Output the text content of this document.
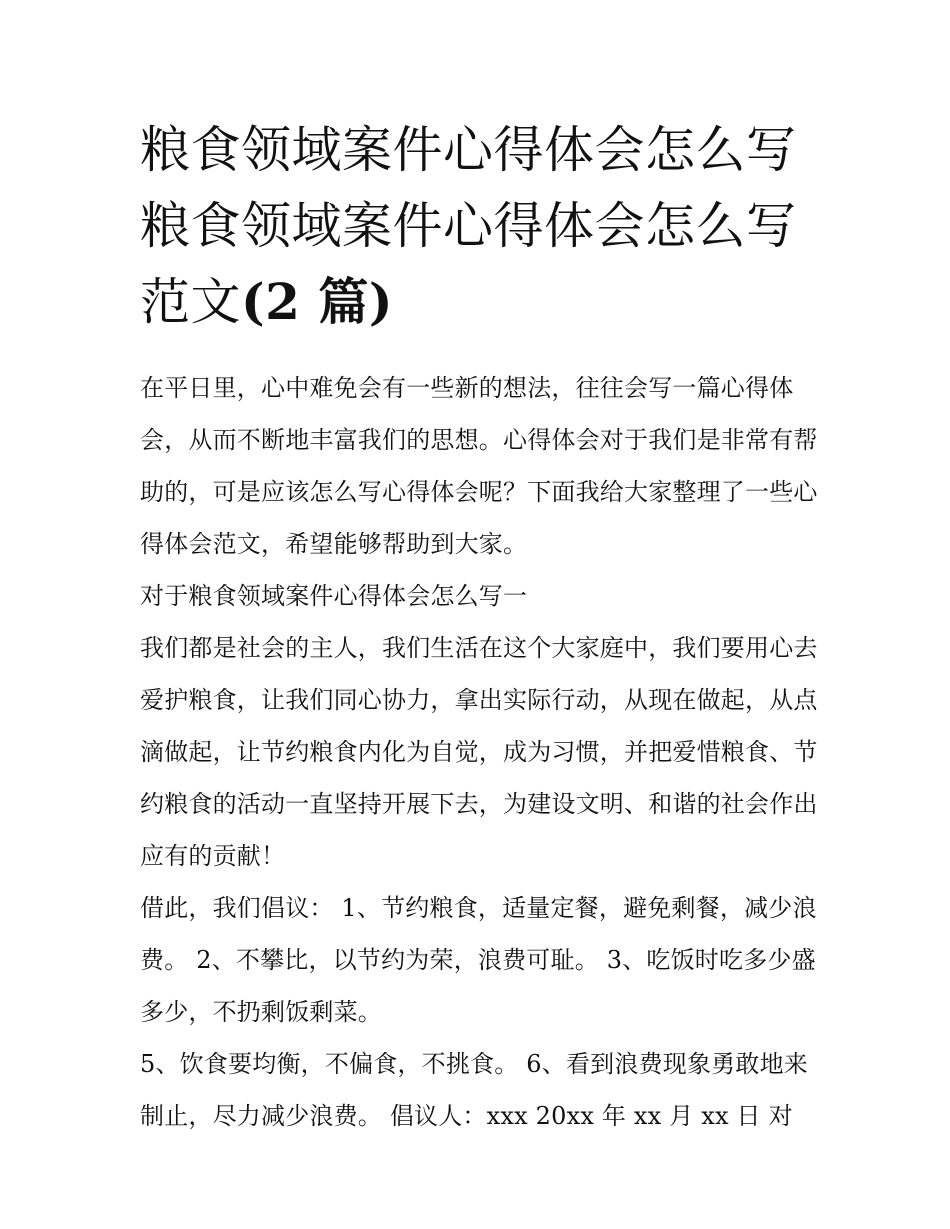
粮食领域案件心得体会怎么写
粮食领域案件心得体会怎么写
范文(2 篇)

在平日里，心中难免会有一些新的想法，往往会写一篇心得体会，从而不断地丰富我们的思想。心得体会对于我们是非常有帮助的，可是应该怎么写心得体会呢？下面我给大家整理了一些心得体会范文，希望能够帮助到大家。

对于粮食领域案件心得体会怎么写一

我们都是社会的主人，我们生活在这个大家庭中，我们要用心去爱护粮食，让我们同心协力，拿出实际行动，从现在做起，从点滴做起，让节约粮食内化为自觉，成为习惯，并把爱惜粮食、节约粮食的活动一直坚持开展下去，为建设文明、和谐的社会作出应有的贡献！

借此，我们倡议： 1、节约粮食，适量定餐，避免剩餐，减少浪费。 2、不攀比，以节约为荣，浪费可耻。 3、吃饭时吃多少盛多少，不扔剩饭剩菜。

5、饮食要均衡，不偏食，不挑食。 6、看到浪费现象勇敢地来制止，尽力减少浪费。 倡议人：xxx 20xx 年 xx 月 xx 日 对
